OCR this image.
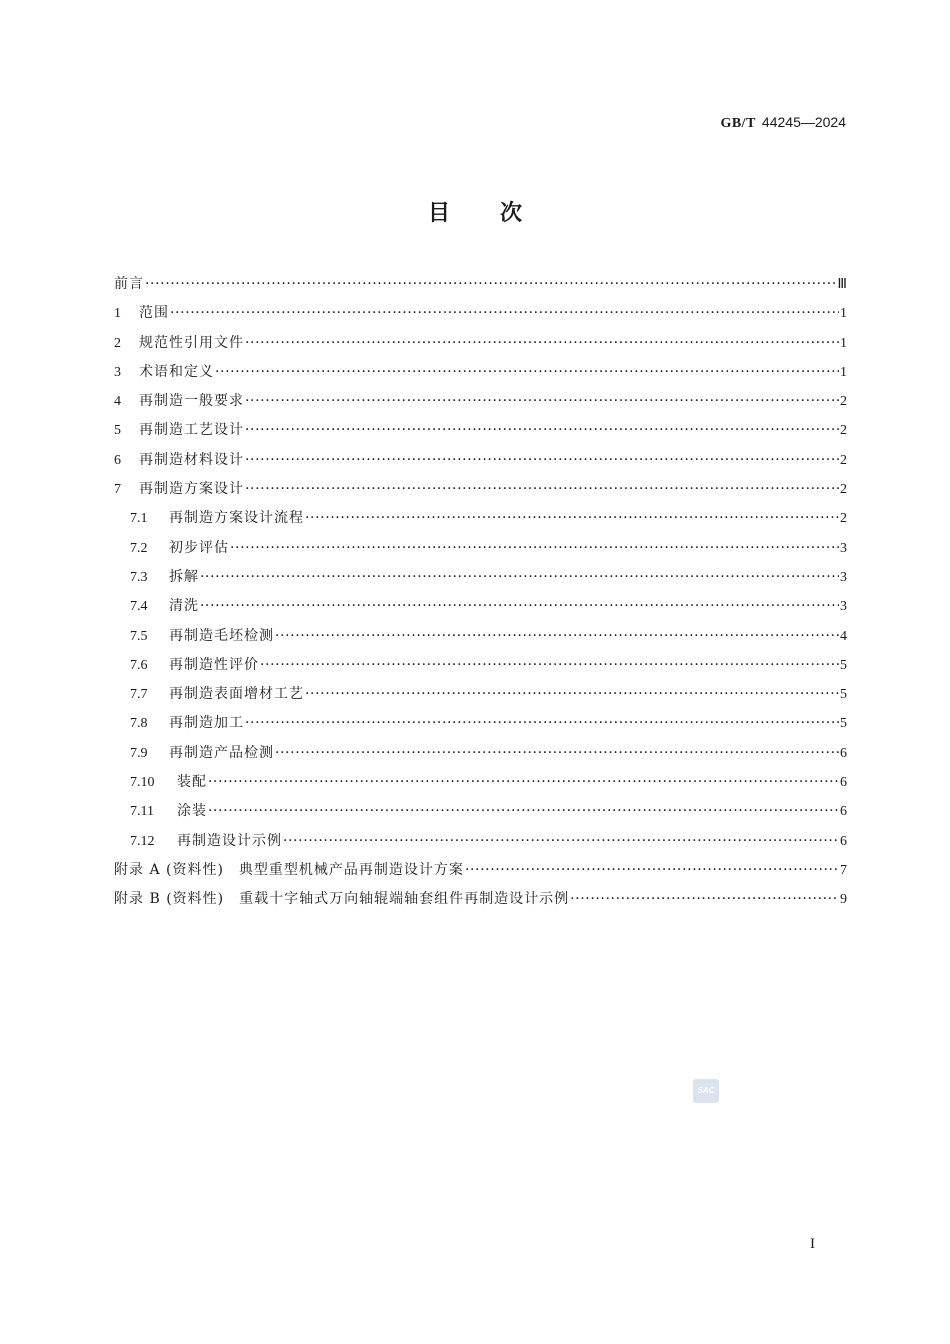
GB/T 44245—2024
目次
前言 ·····	Ⅲ
1	范围 ·····	1
2	规范性引用文件 ·····	1
3	术语和定义 ·····	1
4	再制造一般要求 ·····	2
5	再制造工艺设计 ·····	2
6	再制造材料设计 ·····	2
7	再制造方案设计 ·····	2
7.1	再制造方案设计流程 ·····	2
7.2	初步评估 ·····	3
7.3	拆解 ·····	3
7.4	清洗 ·····	3
7.5	再制造毛坯检测 ·····	4
7.6	再制造性评价 ·····	5
7.7	再制造表面增材工艺 ·····	5
7.8	再制造加工 ·····	5
7.9	再制造产品检测 ·····	6
7.10	装配 ·····	6
7.11	涂装 ·····	6
7.12	再制造设计示例 ·····	6
附录 A (资料性)　典型重型机械产品再制造设计方案 ·····	7
附录 B (资料性)　重载十字轴式万向轴辊端轴套组件再制造设计示例 ·····	9
SAC
I
